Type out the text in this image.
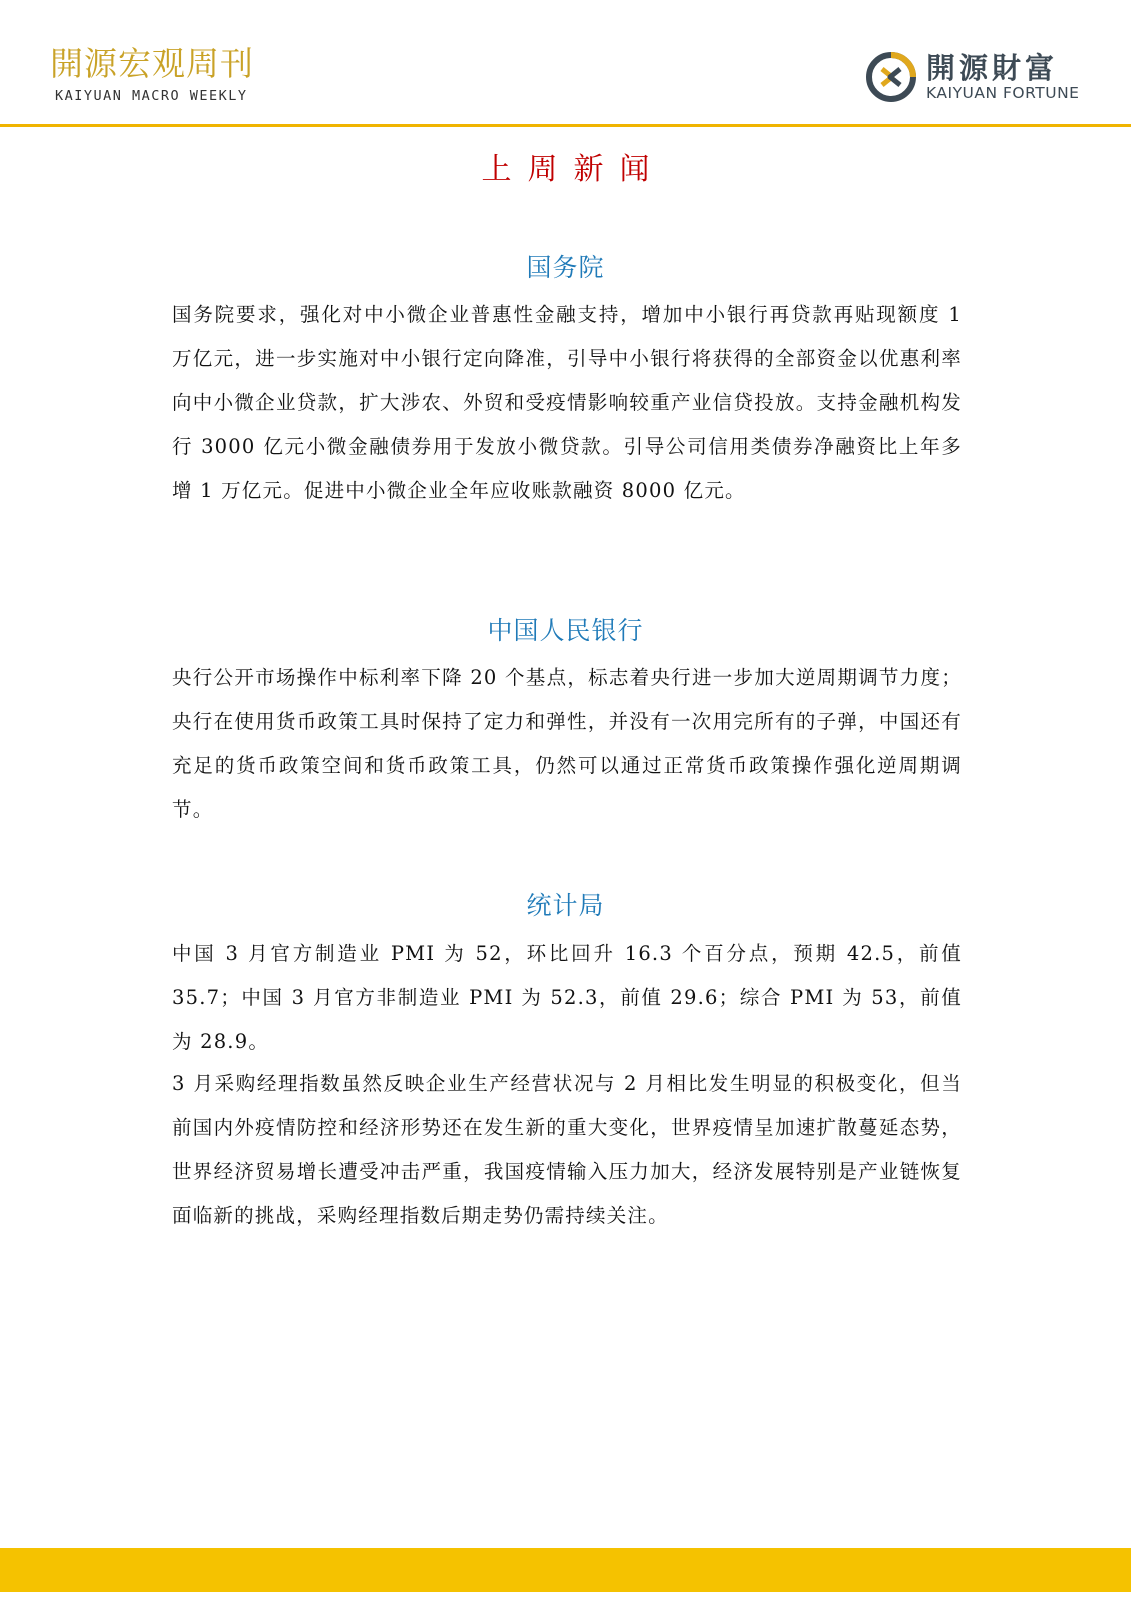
開源宏观周刊
KAIYUAN MACRO WEEKLY
開源財富
KAIYUAN FORTUNE
上周新闻
国务院

国务院要求，强化对中小微企业普惠性金融支持，增加中小银行再贷款再贴现额度 1 万亿元，进一步实施对中小银行定向降准，引导中小银行将获得的全部资金以优惠利率向中小微企业贷款，扩大涉农、外贸和受疫情影响较重产业信贷投放。支持金融机构发行 3000 亿元小微金融债券用于发放小微贷款。引导公司信用类债券净融资比上年多增 1 万亿元。促进中小微企业全年应收账款融资 8000 亿元。

中国人民银行

央行公开市场操作中标利率下降 20 个基点，标志着央行进一步加大逆周期调节力度；央行在使用货币政策工具时保持了定力和弹性，并没有一次用完所有的子弹，中国还有充足的货币政策空间和货币政策工具，仍然可以通过正常货币政策操作强化逆周期调节。

统计局

中国 3 月官方制造业 PMI 为 52，环比回升 16.3 个百分点，预期 42.5，前值 35.7；中国 3 月官方非制造业 PMI 为 52.3，前值 29.6；综合 PMI 为 53，前值为 28.9。

3 月采购经理指数虽然反映企业生产经营状况与 2 月相比发生明显的积极变化，但当前国内外疫情防控和经济形势还在发生新的重大变化，世界疫情呈加速扩散蔓延态势，世界经济贸易增长遭受冲击严重，我国疫情输入压力加大，经济发展特别是产业链恢复面临新的挑战，采购经理指数后期走势仍需持续关注。
